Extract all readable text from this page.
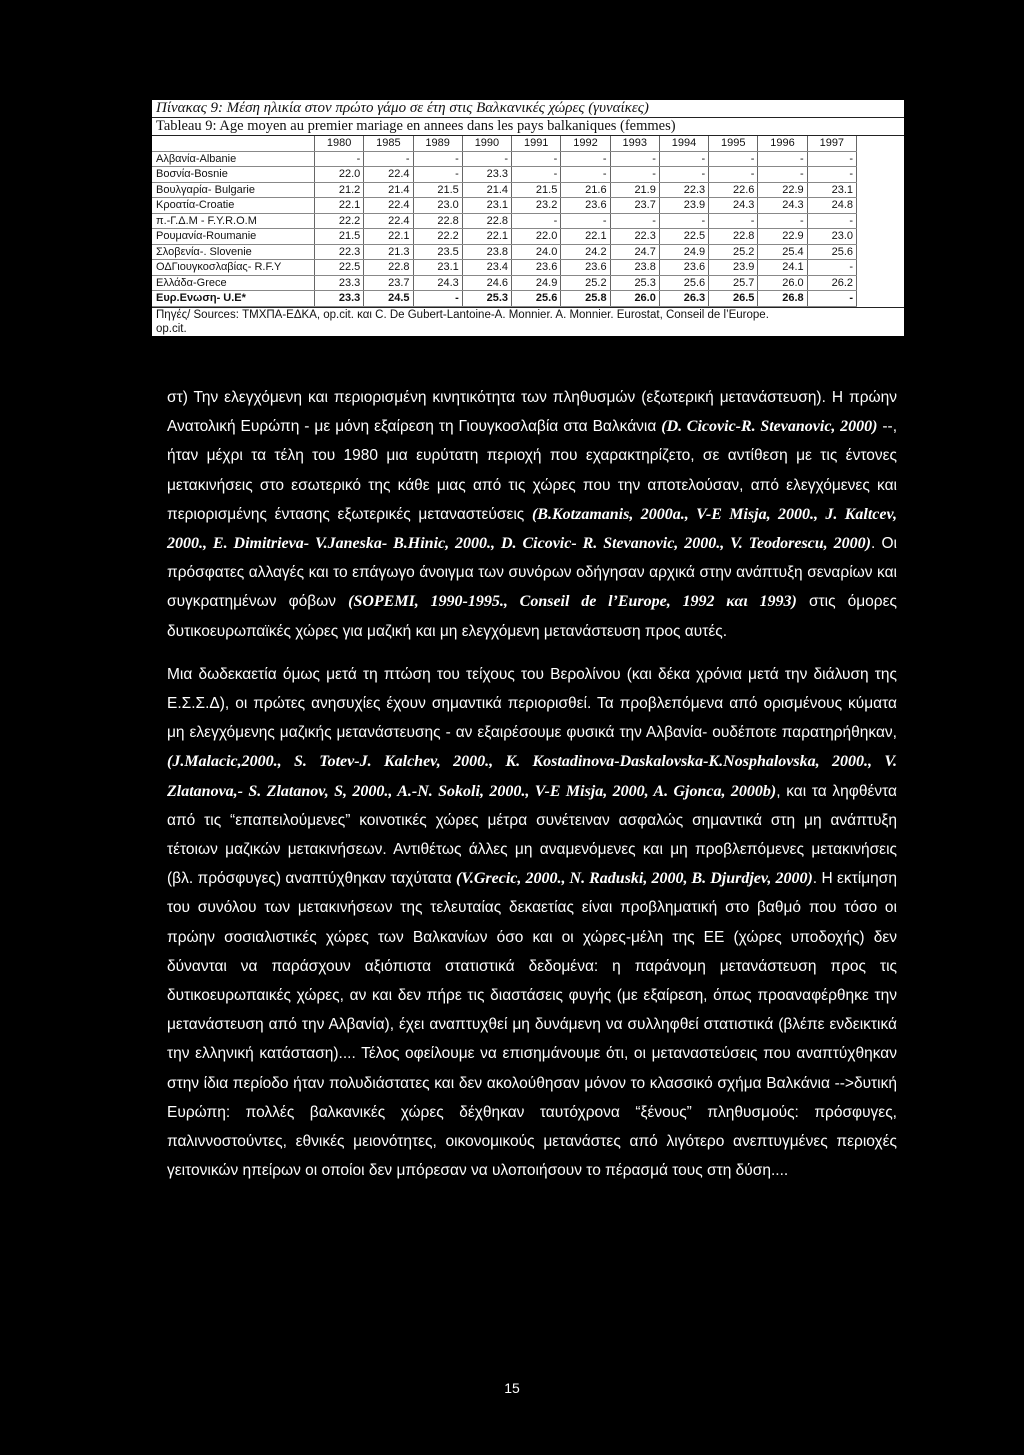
Πίνακας 9: Μέση ηλικία στον πρώτο γάμο σε έτη στις Βαλκανικές χώρες (γυναίκες)
Tableau 9: Age moyen au premier mariage en annees dans les pays balkaniques (femmes)
	1980	1985	1989	1990	1991	1992	1993	1994	1995	1996	1997
Αλβανία-Albanie	-	-	-	-	-	-	-	-	-	-	-
Βοσνία-Bosnie	22.0	22.4	-	23.3	-	-	-	-	-	-	-
Βουλγαρία- Bulgarie	21.2	21.4	21.5	21.4	21.5	21.6	21.9	22.3	22.6	22.9	23.1
Κροατία-Croatie	22.1	22.4	23.0	23.1	23.2	23.6	23.7	23.9	24.3	24.3	24.8
π.-Γ.Δ.Μ - F.Y.R.O.M	22.2	22.4	22.8	22.8	-	-	-	-	-	-	-
Ρουμανία-Roumanie	21.5	22.1	22.2	22.1	22.0	22.1	22.3	22.5	22.8	22.9	23.0
Σλοβενία-. Slovenie	22.3	21.3	23.5	23.8	24.0	24.2	24.7	24.9	25.2	25.4	25.6
ΟΔΓιουγκοσλαβίας- R.F.Y	22.5	22.8	23.1	23.4	23.6	23.6	23.8	23.6	23.9	24.1	-
Ελλάδα-Grece	23.3	23.7	24.3	24.6	24.9	25.2	25.3	25.6	25.7	26.0	26.2
Ευρ.Ενωση- U.E*	23.3	24.5	-	25.3	25.6	25.8	26.0	26.3	26.5	26.8	-
Πηγές/ Sources: ΤΜΧΠΑ-ΕΔΚΑ, op.cit. και C. De Gubert-Lantoine-A. Monnier. A. Monnier. Eurostat, Conseil de l’Europe.
op.cit.

στ) Την ελεγχόμενη και περιορισμένη κινητικότητα των πληθυσμών (εξωτερική μετανάστευση). Η πρώην Ανατολική Ευρώπη - με μόνη εξαίρεση τη Γιουγκοσλαβία στα Βαλκάνια (D. Cicovic-R. Stevanovic, 2000) --, ήταν μέχρι τα τέλη του 1980 μια ευρύτατη περιοχή που εχαρακτηρίζετο, σε αντίθεση με τις έντονες μετακινήσεις στο εσωτερικό της κάθε μιας από τις χώρες που την αποτελούσαν, από ελεγχόμενες και περιορισμένης έντασης εξωτερικές μεταναστεύσεις (B.Kotzamanis, 2000a., V-E Misja, 2000., J. Kaltcev, 2000., E. Dimitrieva- V.Janeska- B.Hinic, 2000., D. Cicovic- R. Stevanovic, 2000., V. Teodorescu, 2000). Οι πρόσφατες αλλαγές και το επάγωγο άνοιγμα των συνόρων οδήγησαν αρχικά στην ανάπτυξη σεναρίων και συγκρατημένων φόβων (SOPEMI, 1990-1995., Conseil de l’Europe, 1992 και 1993) στις όμορες δυτικοευρωπαϊκές χώρες για μαζική και μη ελεγχόμενη μετανάστευση προς αυτές.

Μια δωδεκαετία όμως μετά τη πτώση του τείχους του Βερολίνου (και δέκα χρόνια μετά την διάλυση της Ε.Σ.Σ.Δ), οι πρώτες ανησυχίες έχουν σημαντικά περιορισθεί. Τα προβλεπόμενα από ορισμένους κύματα μη ελεγχόμενης μαζικής μετανάστευσης - αν εξαιρέσουμε φυσικά την Αλβανία- ουδέποτε παρατηρήθηκαν, (J.Malacic,2000., S. Totev-J. Kalchev, 2000., K. Kostadinova-Daskalovska-K.Nosphalovska, 2000., V. Zlatanova,- S. Zlatanov, S, 2000., A.-N. Sokoli, 2000., V-E Misja, 2000, A. Gjonca, 2000b), και τα ληφθέντα από τις “επαπειλούμενες” κοινοτικές χώρες μέτρα συνέτειναν ασφαλώς σημαντικά στη μη ανάπτυξη τέτοιων μαζικών μετακινήσεων. Αντιθέτως άλλες μη αναμενόμενες και μη προβλεπόμενες μετακινήσεις (βλ. πρόσφυγες) αναπτύχθηκαν ταχύτατα (V.Grecic, 2000., N. Raduski, 2000, B. Djurdjev, 2000). Η εκτίμηση του συνόλου των μετακινήσεων της τελευταίας δεκαετίας είναι προβληματική στο βαθμό που τόσο οι πρώην σοσιαλιστικές χώρες των Βαλκανίων όσο και οι χώρες-μέλη της ΕΕ (χώρες υποδοχής) δεν δύνανται να παράσχουν αξιόπιστα στατιστικά δεδομένα: η παράνομη μετανάστευση προς τις δυτικοευρωπαικές χώρες, αν και δεν πήρε τις διαστάσεις φυγής (με εξαίρεση, όπως προαναφέρθηκε την μετανάστευση από την Αλβανία), έχει αναπτυχθεί μη δυνάμενη να συλληφθεί στατιστικά (βλέπε ενδεικτικά την ελληνική κατάσταση).... Τέλος οφείλουμε να επισημάνουμε ότι, οι μεταναστεύσεις που αναπτύχθηκαν στην ίδια περίοδο ήταν πολυδιάστατες και δεν ακολούθησαν μόνον το κλασσικό σχήμα Βαλκάνια -->δυτική Ευρώπη: πολλές βαλκανικές χώρες δέχθηκαν ταυτόχρονα “ξένους” πληθυσμούς: πρόσφυγες, παλιννοστούντες, εθνικές μειονότητες, οικονομικούς μετανάστες από λιγότερο ανεπτυγμένες περιοχές γειτονικών ηπείρων οι οποίοι δεν μπόρεσαν να υλοποιήσουν το πέρασμά τους στη δύση....

15
